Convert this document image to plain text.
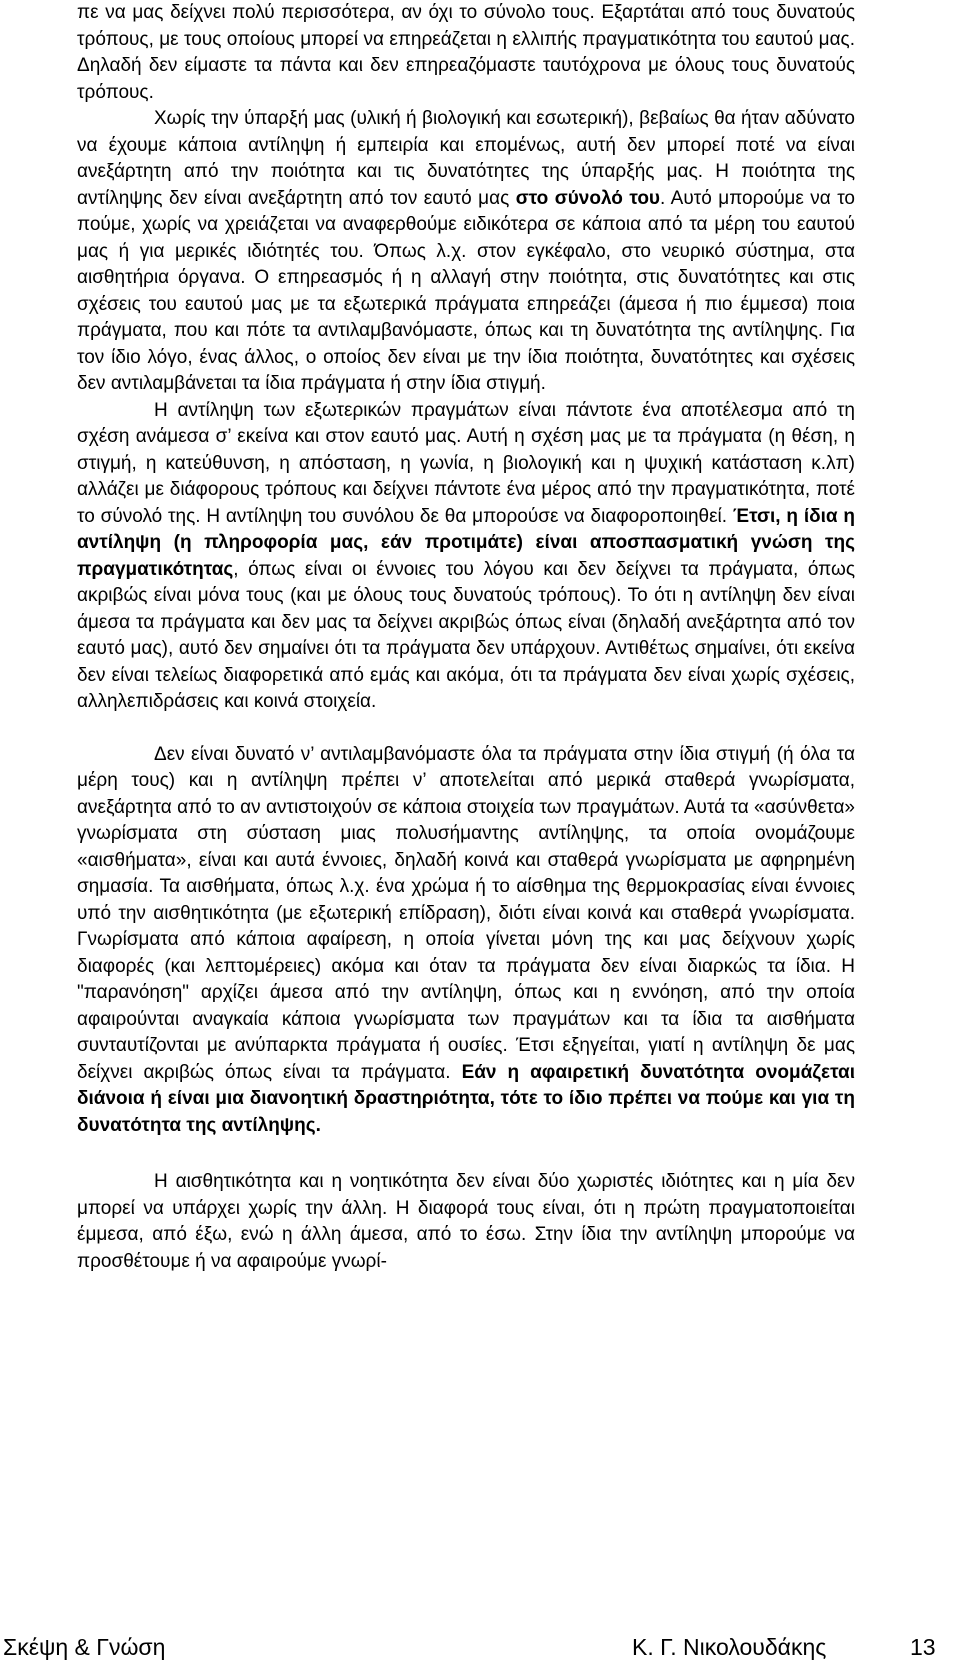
πε να μας δείχνει πολύ περισσότερα, αν όχι το σύνολο τους. Εξαρτάται από τους δυνατούς τρόπους, με τους οποίους μπορεί να επηρεάζεται η ελλιπής πραγματικότητα του εαυτού μας. Δηλαδή δεν είμαστε τα πάντα και δεν επηρεαζόμαστε ταυτόχρονα με όλους τους δυνατούς τρόπους.

Χωρίς την ύπαρξή μας (υλική ή βιολογική και εσωτερική), βεβαίως θα ήταν αδύνατο να έχουμε κάποια αντίληψη ή εμπειρία και επομένως, αυτή δεν μπορεί ποτέ να είναι ανεξάρτητη από την ποιότητα και τις δυνατότητες της ύπαρξής μας. Η ποιότητα της αντίληψης δεν είναι ανεξάρτητη από τον εαυτό μας στο σύνολό του. Αυτό μπορούμε να το πούμε, χωρίς να χρειάζεται να αναφερθούμε ειδικότερα σε κάποια από τα μέρη του εαυτού μας ή για μερικές ιδιότητές του. Όπως λ.χ. στον εγκέφαλο, στο νευρικό σύστημα, στα αισθητήρια όργανα. Ο επηρεασμός ή η αλλαγή στην ποιότητα, στις δυνατότητες και στις σχέσεις του εαυτού μας με τα εξωτερικά πράγματα επηρεάζει (άμεσα ή πιο έμμεσα) ποια πράγματα, που και πότε τα αντιλαμβανόμαστε, όπως και τη δυνατότητα της αντίληψης. Για τον ίδιο λόγο, ένας άλλος, ο οποίος δεν είναι με την ίδια ποιότητα, δυνατότητες και σχέσεις δεν αντιλαμβάνεται τα ίδια πράγματα ή στην ίδια στιγμή.

Η αντίληψη των εξωτερικών πραγμάτων είναι πάντοτε ένα αποτέλεσμα από τη σχέση ανάμεσα σ’ εκείνα και στον εαυτό μας. Αυτή η σχέση μας με τα πράγματα (η θέση, η στιγμή, η κατεύθυνση, η απόσταση, η γωνία, η βιολογική και η ψυχική κατάσταση κ.λπ) αλλάζει με διάφορους τρόπους και δείχνει πάντοτε ένα μέρος από την πραγματικότητα, ποτέ το σύνολό της. Η αντίληψη του συνόλου δε θα μπορούσε να διαφοροποιηθεί. Έτσι, η ίδια η αντίληψη (η πληροφορία μας, εάν προτιμάτε) είναι αποσπασματική γνώση της πραγματικότητας, όπως είναι οι έννοιες του λόγου και δεν δείχνει τα πράγματα, όπως ακριβώς είναι μόνα τους (και με όλους τους δυνατούς τρόπους). Το ότι η αντίληψη δεν είναι άμεσα τα πράγματα και δεν μας τα δείχνει ακριβώς όπως είναι (δηλαδή ανεξάρτητα από τον εαυτό μας), αυτό δεν σημαίνει ότι τα πράγματα δεν υπάρχουν. Αντιθέτως σημαίνει, ότι εκείνα δεν είναι τελείως διαφορετικά από εμάς και ακόμα, ότι τα πράγματα δεν είναι χωρίς σχέσεις, αλληλεπιδράσεις και κοινά στοιχεία.

Δεν είναι δυνατό ν’ αντιλαμβανόμαστε όλα τα πράγματα στην ίδια στιγμή (ή όλα τα μέρη τους) και η αντίληψη πρέπει ν’ αποτελείται από μερικά σταθερά γνωρίσματα, ανεξάρτητα από το αν αντιστοιχούν σε κάποια στοιχεία των πραγμάτων. Αυτά τα «ασύνθετα» γνωρίσματα στη σύσταση μιας πολυσήμαντης αντίληψης, τα οποία ονομάζουμε «αισθήματα», είναι και αυτά έννοιες, δηλαδή κοινά και σταθερά γνωρίσματα με αφηρημένη σημασία. Τα αισθήματα, όπως λ.χ. ένα χρώμα ή το αίσθημα της θερμοκρασίας είναι έννοιες υπό την αισθητικότητα (με εξωτερική επίδραση), διότι είναι κοινά και σταθερά γνωρίσματα. Γνωρίσματα από κάποια αφαίρεση, η οποία γίνεται μόνη της και μας δείχνουν χωρίς διαφορές (και λεπτομέρειες) ακόμα και όταν τα πράγματα δεν είναι διαρκώς τα ίδια. Η "παρανόηση" αρχίζει άμεσα από την αντίληψη, όπως και η εννόηση, από την οποία αφαιρούνται αναγκαία κάποια γνωρίσματα των πραγμάτων και τα ίδια τα αισθήματα συνταυτίζονται με ανύπαρκτα πράγματα ή ουσίες. Έτσι εξηγείται, γιατί η αντίληψη δε μας δείχνει ακριβώς όπως είναι τα πράγματα. Εάν η αφαιρετική δυνατότητα ονομάζεται διάνοια ή είναι μια διανοητική δραστηριότητα, τότε το ίδιο πρέπει να πούμε και για τη δυνατότητα της αντίληψης.

Η αισθητικότητα και η νοητικότητα δεν είναι δύο χωριστές ιδιότητες και η μία δεν μπορεί να υπάρχει χωρίς την άλλη. Η διαφορά τους είναι, ότι η πρώτη πραγματοποιείται έμμεσα, από έξω, ενώ η άλλη άμεσα, από το έσω. Στην ίδια την αντίληψη μπορούμε να προσθέτουμε ή να αφαιρούμε γνωρί-

Σκέψη & Γνώση	Κ. Γ. Νικολουδάκης	13
